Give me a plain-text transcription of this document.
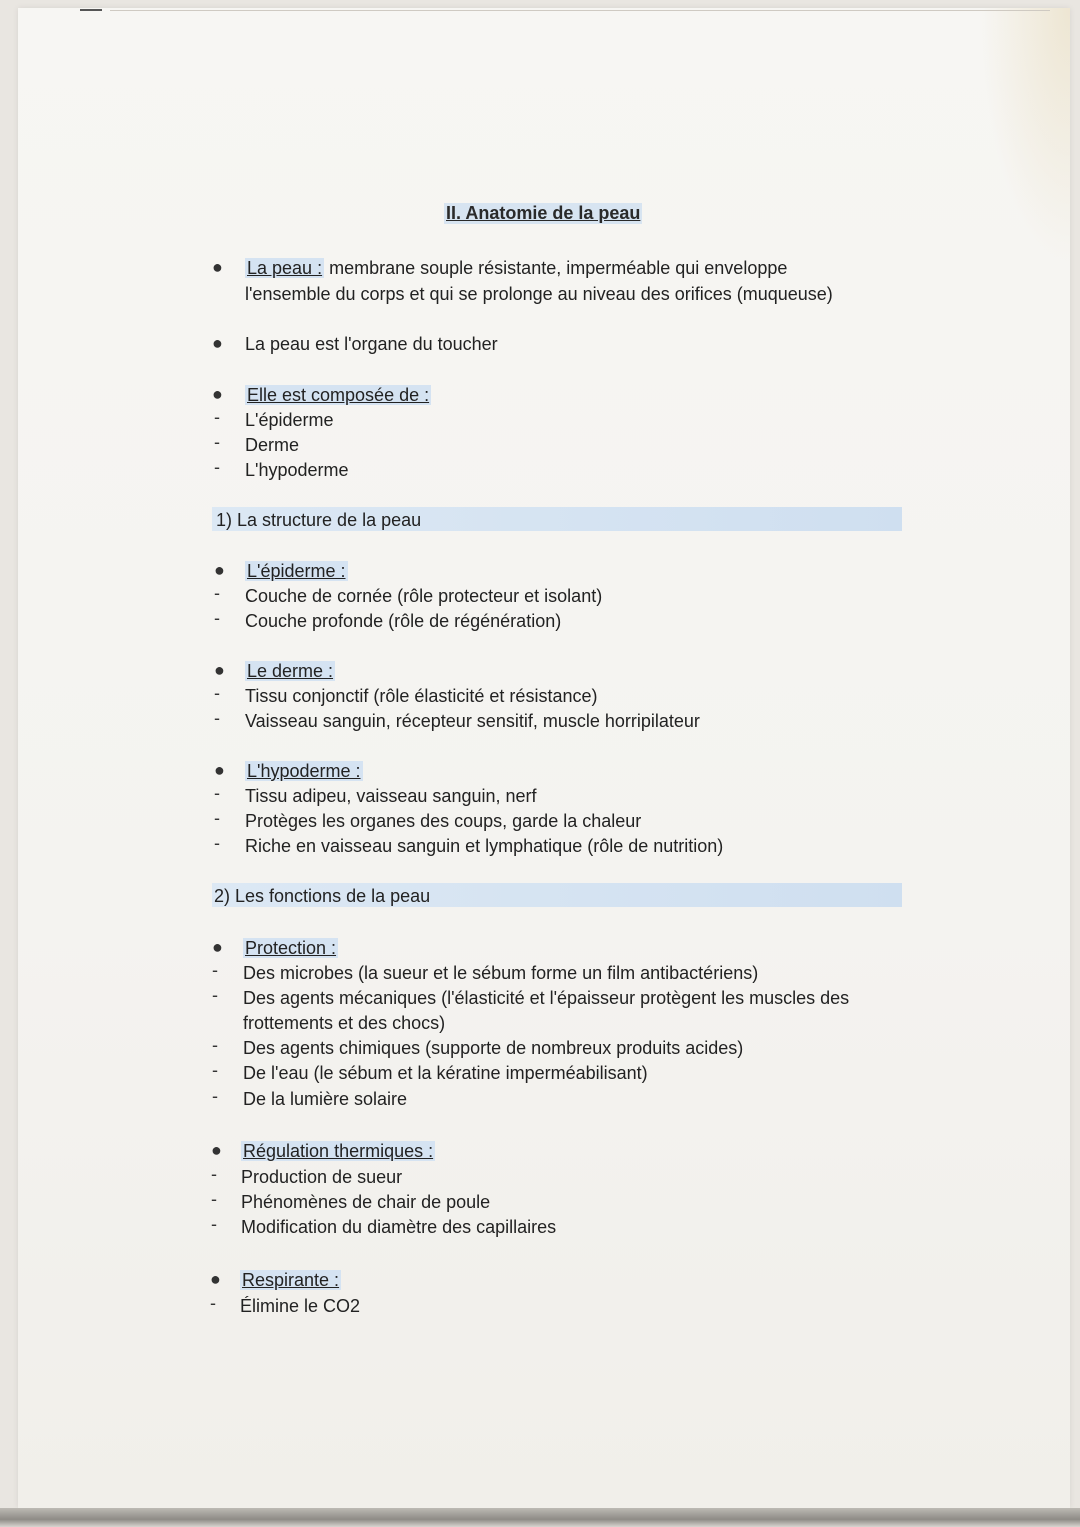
II. Anatomie de la peau
● La peau : membrane souple résistante, imperméable qui enveloppe
l'ensemble du corps et qui se prolonge au niveau des orifices (muqueuse)
● La peau est l'organe du toucher
● Elle est composée de :
- L'épiderme
- Derme
- L'hypoderme
1) La structure de la peau
● L'épiderme :
- Couche de cornée (rôle protecteur et isolant)
- Couche profonde (rôle de régénération)
● Le derme :
- Tissu conjonctif (rôle élasticité et résistance)
- Vaisseau sanguin, récepteur sensitif, muscle horripilateur
● L'hypoderme :
- Tissu adipeu, vaisseau sanguin, nerf
- Protèges les organes des coups, garde la chaleur
- Riche en vaisseau sanguin et lymphatique (rôle de nutrition)
2) Les fonctions de la peau
● Protection :
- Des microbes (la sueur et le sébum forme un film antibactériens)
- Des agents mécaniques (l'élasticité et l'épaisseur protègent les muscles des
frottements et des chocs)
- Des agents chimiques (supporte de nombreux produits acides)
- De l'eau (le sébum et la kératine imperméabilisant)
- De la lumière solaire
● Régulation thermiques :
- Production de sueur
- Phénomènes de chair de poule
- Modification du diamètre des capillaires
● Respirante :
- Élimine le CO2
